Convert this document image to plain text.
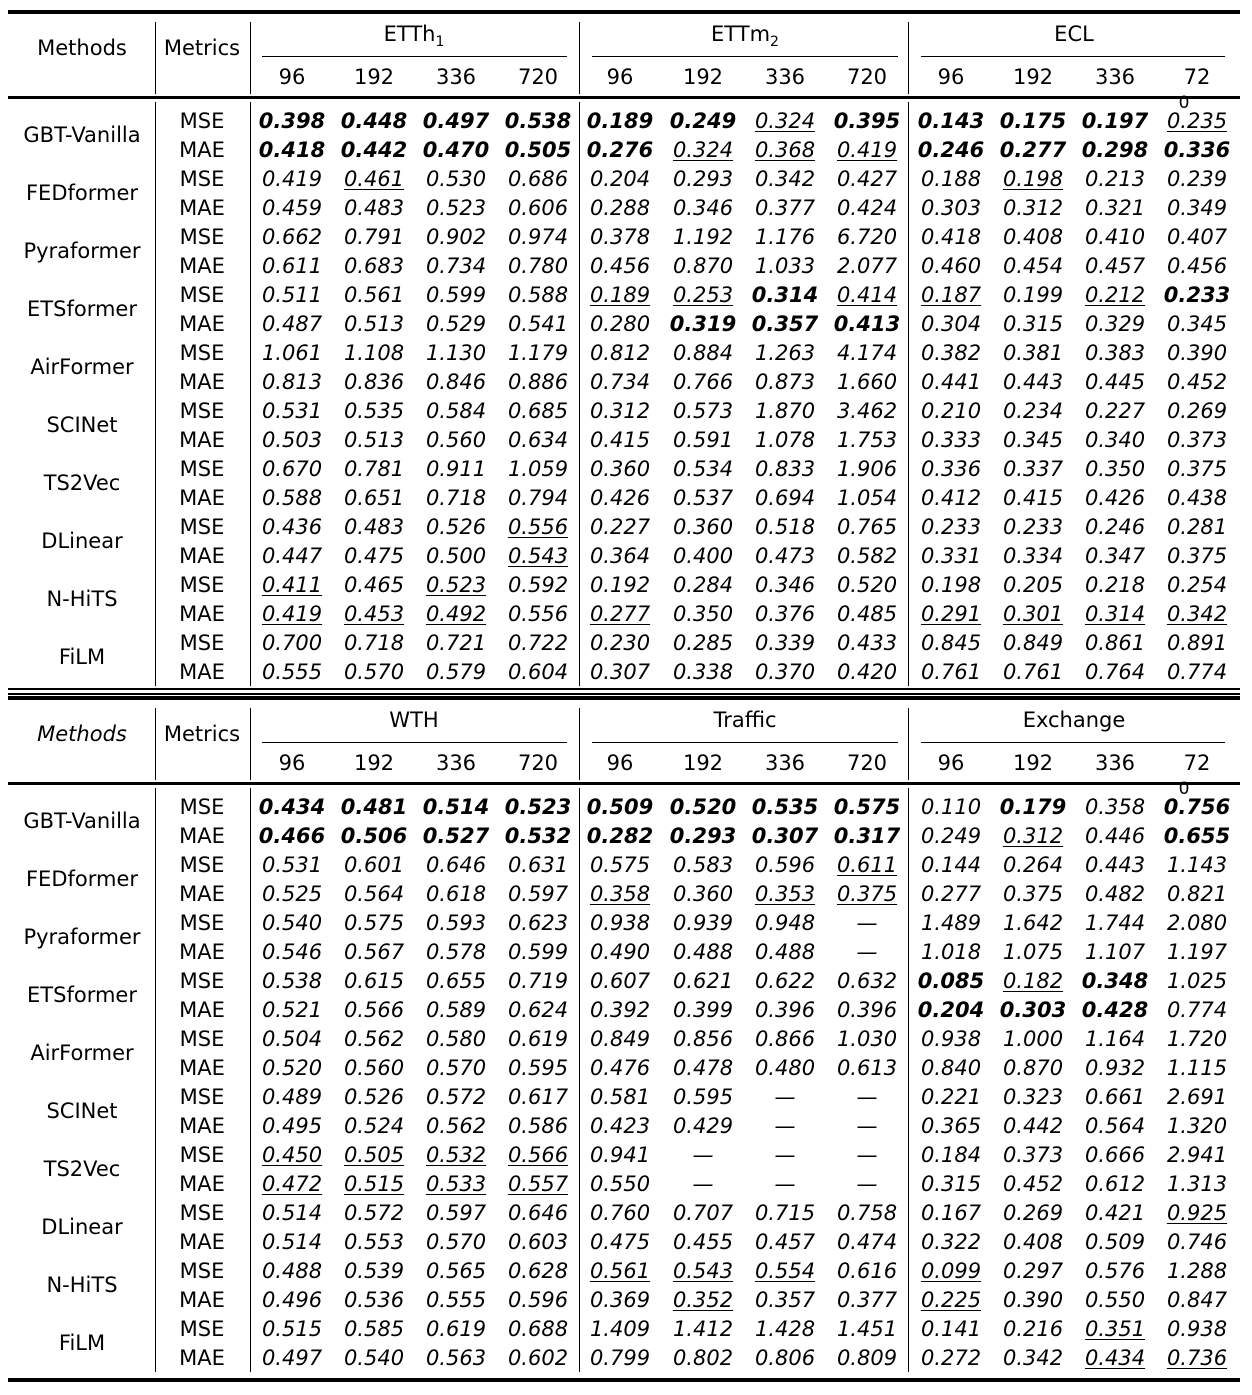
Methods Metrics
ETTh$_1$	ETTm$_2$	ECL
96 192 336 720 96 192 336 720 96 192 336 72
0
GBT-Vanilla
MSE 0.398 0.448 0.497 0.538 0.189 0.249 0.324 0.395 0.143 0.175 0.197 0.235
MAE 0.418 0.442 0.470 0.505 0.276 0.324 0.368 0.419 0.246 0.277 0.298 0.336
FEDformer
MSE 0.419 0.461 0.530 0.686 0.204 0.293 0.342 0.427 0.188 0.198 0.213 0.239
MAE 0.459 0.483 0.523 0.606 0.288 0.346 0.377 0.424 0.303 0.312 0.321 0.349
Pyraformer
MSE 0.662 0.791 0.902 0.974 0.378 1.192 1.176 6.720 0.418 0.408 0.410 0.407
MAE 0.611 0.683 0.734 0.780 0.456 0.870 1.033 2.077 0.460 0.454 0.457 0.456
ETSformer
MSE 0.511 0.561 0.599 0.588 0.189 0.253 0.314 0.414 0.187 0.199 0.212 0.233
MAE 0.487 0.513 0.529 0.541 0.280 0.319 0.357 0.413 0.304 0.315 0.329 0.345
AirFormer
MSE 1.061 1.108 1.130 1.179 0.812 0.884 1.263 4.174 0.382 0.381 0.383 0.390
MAE 0.813 0.836 0.846 0.886 0.734 0.766 0.873 1.660 0.441 0.443 0.445 0.452
SCINet
MSE 0.531 0.535 0.584 0.685 0.312 0.573 1.870 3.462 0.210 0.234 0.227 0.269
MAE 0.503 0.513 0.560 0.634 0.415 0.591 1.078 1.753 0.333 0.345 0.340 0.373
TS2Vec
MSE 0.670 0.781 0.911 1.059 0.360 0.534 0.833 1.906 0.336 0.337 0.350 0.375
MAE 0.588 0.651 0.718 0.794 0.426 0.537 0.694 1.054 0.412 0.415 0.426 0.438
DLinear
MSE 0.436 0.483 0.526 0.556 0.227 0.360 0.518 0.765 0.233 0.233 0.246 0.281
MAE 0.447 0.475 0.500 0.543 0.364 0.400 0.473 0.582 0.331 0.334 0.347 0.375
N-HiTS
MSE 0.411 0.465 0.523 0.592 0.192 0.284 0.346 0.520 0.198 0.205 0.218 0.254
MAE 0.419 0.453 0.492 0.556 0.277 0.350 0.376 0.485 0.291 0.301 0.314 0.342
FiLM
MSE 0.700 0.718 0.721 0.722 0.230 0.285 0.339 0.433 0.845 0.849 0.861 0.891
MAE 0.555 0.570 0.579 0.604 0.307 0.338 0.370 0.420 0.761 0.761 0.764 0.774
Methods Metrics
WTH	Traffic	Exchange
96 192 336 720 96 192 336 720 96 192 336 72
0
GBT-Vanilla
MSE 0.434 0.481 0.514 0.523 0.509 0.520 0.535 0.575 0.110 0.179 0.358 0.756
MAE 0.466 0.506 0.527 0.532 0.282 0.293 0.307 0.317 0.249 0.312 0.446 0.655
FEDformer
MSE 0.531 0.601 0.646 0.631 0.575 0.583 0.596 0.611 0.144 0.264 0.443 1.143
MAE 0.525 0.564 0.618 0.597 0.358 0.360 0.353 0.375 0.277 0.375 0.482 0.821
Pyraformer
MSE 0.540 0.575 0.593 0.623 0.938 0.939 0.948 — 1.489 1.642 1.744 2.080
MAE 0.546 0.567 0.578 0.599 0.490 0.488 0.488 — 1.018 1.075 1.107 1.197
ETSformer
MSE 0.538 0.615 0.655 0.719 0.607 0.621 0.622 0.632 0.085 0.182 0.348 1.025
MAE 0.521 0.566 0.589 0.624 0.392 0.399 0.396 0.396 0.204 0.303 0.428 0.774
AirFormer
MSE 0.504 0.562 0.580 0.619 0.849 0.856 0.866 1.030 0.938 1.000 1.164 1.720
MAE 0.520 0.560 0.570 0.595 0.476 0.478 0.480 0.613 0.840 0.870 0.932 1.115
SCINet
MSE 0.489 0.526 0.572 0.617 0.581 0.595 —	— 0.221 0.323 0.661 2.691
MAE 0.495 0.524 0.562 0.586 0.423 0.429 —	— 0.365 0.442 0.564 1.320
TS2Vec
MSE 0.450 0.505 0.532 0.566 0.941 —	—	— 0.184 0.373 0.666 2.941
MAE 0.472 0.515 0.533 0.557 0.550 —	—	— 0.315 0.452 0.612 1.313
DLinear
MSE 0.514 0.572 0.597 0.646 0.760 0.707 0.715 0.758 0.167 0.269 0.421 0.925
MAE 0.514 0.553 0.570 0.603 0.475 0.455 0.457 0.474 0.322 0.408 0.509 0.746
N-HiTS
MSE 0.488 0.539 0.565 0.628 0.561 0.543 0.554 0.616 0.099 0.297 0.576 1.288
MAE 0.496 0.536 0.555 0.596 0.369 0.352 0.357 0.377 0.225 0.390 0.550 0.847
FiLM
MSE 0.515 0.585 0.619 0.688 1.409 1.412 1.428 1.451 0.141 0.216 0.351 0.938
MAE 0.497 0.540 0.563 0.602 0.799 0.802 0.806 0.809 0.272 0.342 0.434 0.736
